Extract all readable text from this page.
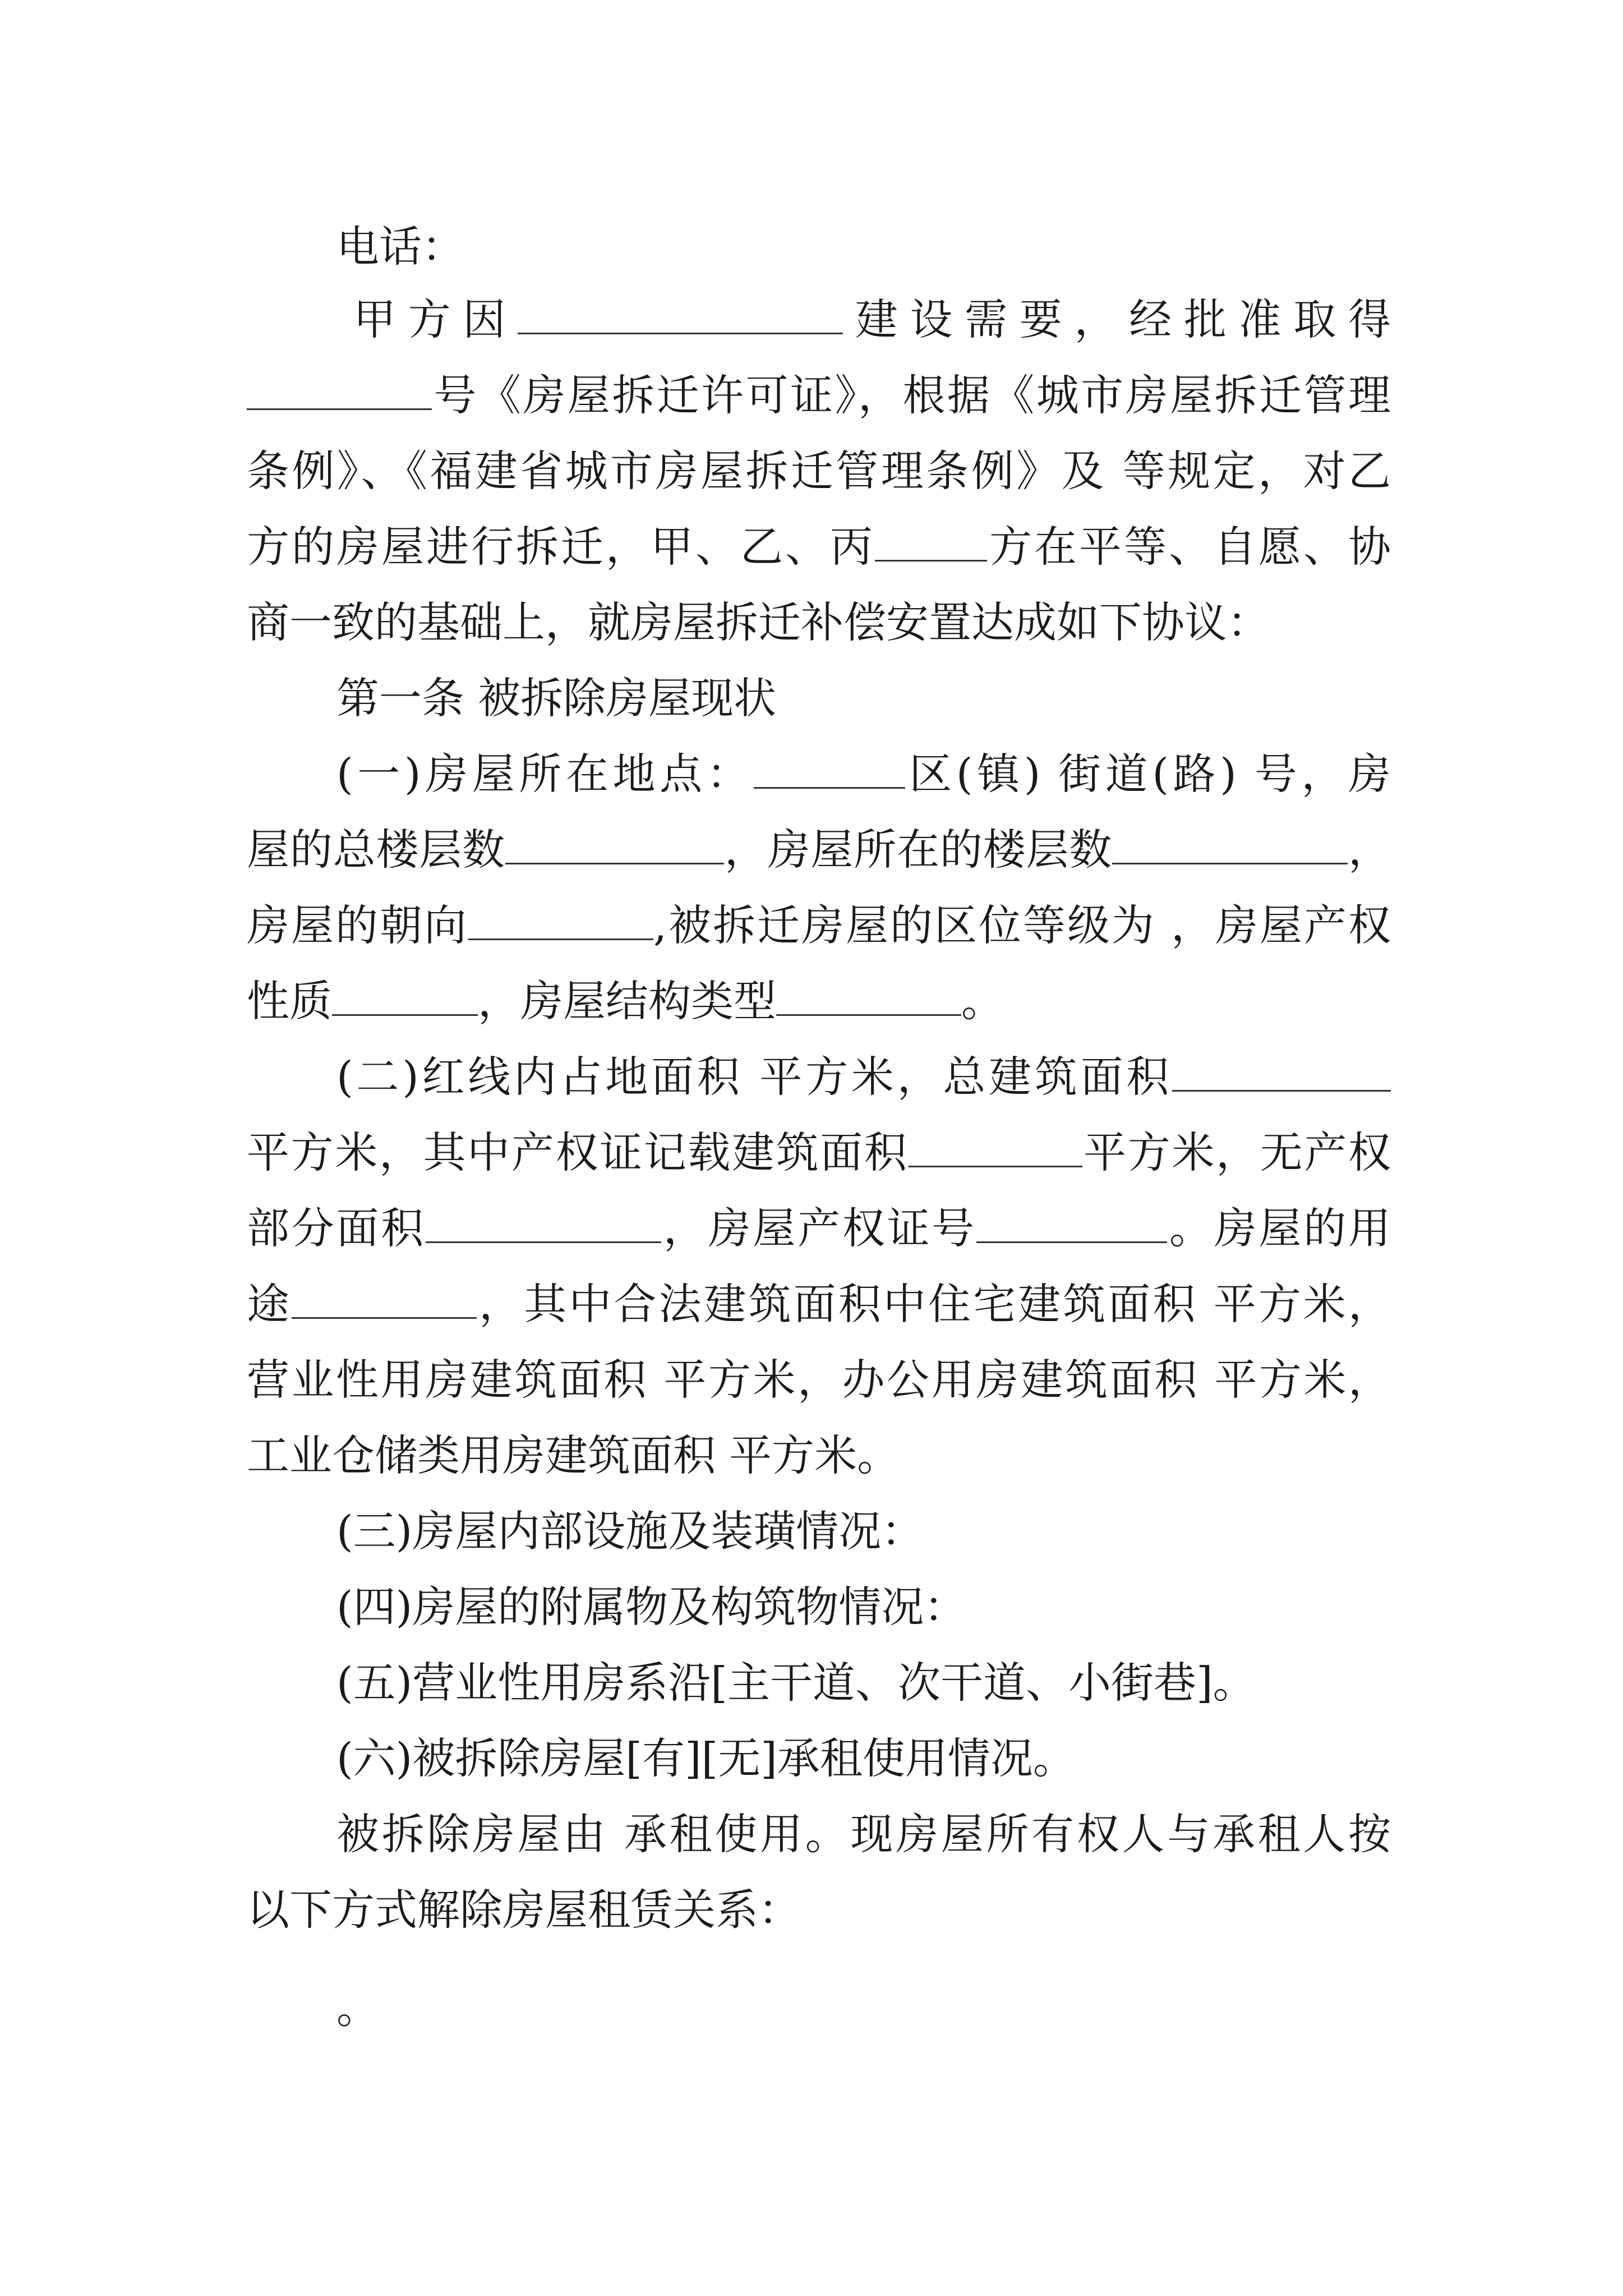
电话：
甲方因	建设需要，经批准取得
号《房屋拆迁许可证》，根据《城市房屋拆迁管理
条例》、《福建省城市房屋拆迁管理条例》及 等规定，对乙
方的房屋进行拆迁，甲、乙、丙	方在平等、自愿、协
商一致的基础上，就房屋拆迁补偿安置达成如下协议：
第一条 被拆除房屋现状
(一)房屋所在地点：	区(镇) 街道(路) 号，房
屋的总楼层数	，房屋所在的楼层数	，
房屋的朝向	,被拆迁房屋的区位等级为 ，房屋产权
性质	，房屋结构类型	。
(二)红线内占地面积 平方米，总建筑面积
平方米，其中产权证记载建筑面积	平方米，无产权
部分面积	，房屋产权证号	。房屋的用
途	，其中合法建筑面积中住宅建筑面积 平方米，
营业性用房建筑面积 平方米，办公用房建筑面积 平方米，
工业仓储类用房建筑面积 平方米。
(三)房屋内部设施及装璜情况：
(四)房屋的附属物及构筑物情况：
(五)营业性用房系沿[主干道、次干道、小街巷]。
(六)被拆除房屋[有][无]承租使用情况。
被拆除房屋由 承租使用。现房屋所有权人与承租人按
以下方式解除房屋租赁关系：
。
